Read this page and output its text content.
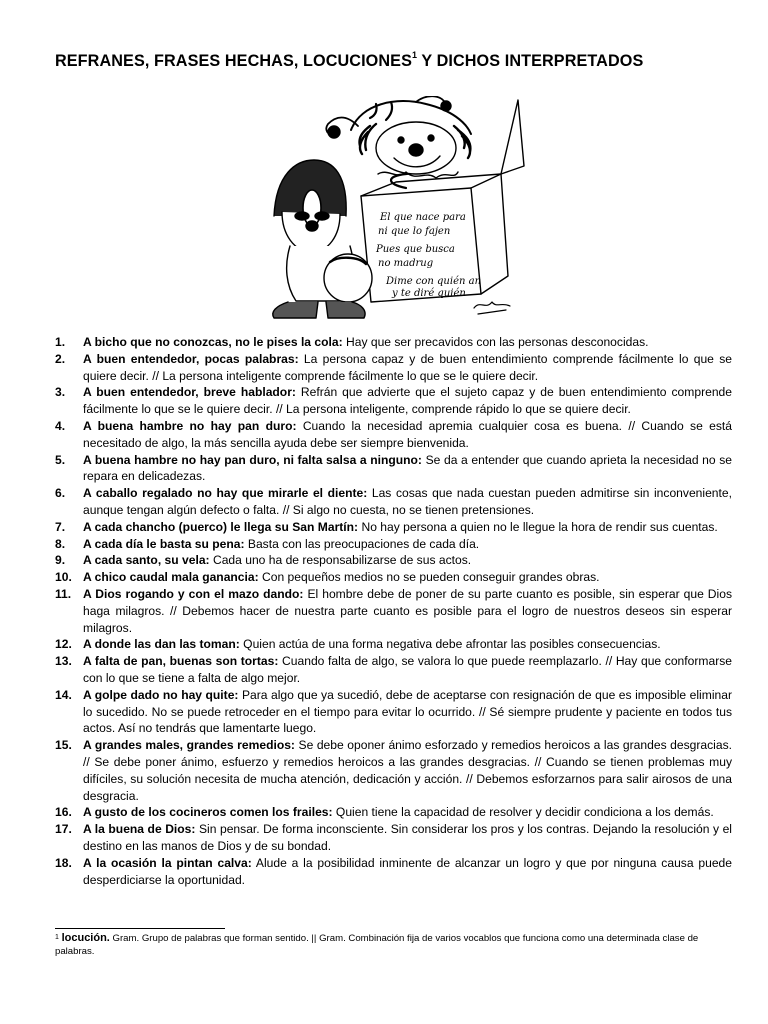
REFRANES, FRASES HECHAS, LOCUCIONES$^1$ Y DICHOS INTERPRETADOS
El que nace para
ni que lo fajen
Pues que busca
no madrug
Dime con quién an
y te diré quién
1. A bicho que no conozcas, no le pises la cola: Hay que ser precavidos con las personas desconocidas.
2. A buen entendedor, pocas palabras: La persona capaz y de buen entendimiento comprende fácilmente lo que se quiere decir. // La persona inteligente comprende fácilmente lo que se le quiere decir.
3. A buen entendedor, breve hablador: Refrán que advierte que el sujeto capaz y de buen entendimiento comprende fácilmente lo que se le quiere decir. // La persona inteligente, comprende rápido lo que se quiere decir.
4. A buena hambre no hay pan duro: Cuando la necesidad apremia cualquier cosa es buena. // Cuando se está necesitado de algo, la más sencilla ayuda debe ser siempre bienvenida.
5. A buena hambre no hay pan duro, ni falta salsa a ninguno: Se da a entender que cuando aprieta la necesidad no se repara en delicadezas.
6. A caballo regalado no hay que mirarle el diente: Las cosas que nada cuestan pueden admitirse sin inconveniente, aunque tengan algún defecto o falta. // Si algo no cuesta, no se tienen pretensiones.
7. A cada chancho (puerco) le llega su San Martín: No hay persona a quien no le llegue la hora de rendir sus cuentas.
8. A cada día le basta su pena: Basta con las preocupaciones de cada día.
9. A cada santo, su vela: Cada uno ha de responsabilizarse de sus actos.
10. A chico caudal mala ganancia: Con pequeños medios no se pueden conseguir grandes obras.
11. A Dios rogando y con el mazo dando: El hombre debe de poner de su parte cuanto es posible, sin esperar que Dios haga milagros. // Debemos hacer de nuestra parte cuanto es posible para el logro de nuestros deseos sin esperar milagros.
12. A donde las dan las toman: Quien actúa de una forma negativa debe afrontar las posibles consecuencias.
13. A falta de pan, buenas son tortas: Cuando falta de algo, se valora lo que puede reemplazarlo. // Hay que conformarse con lo que se tiene a falta de algo mejor.
14. A golpe dado no hay quite: Para algo que ya sucedió, debe de aceptarse con resignación de que es imposible eliminar lo sucedido. No se puede retroceder en el tiempo para evitar lo ocurrido. // Sé siempre prudente y paciente en todos tus actos. Así no tendrás que lamentarte luego.
15. A grandes males, grandes remedios: Se debe oponer ánimo esforzado y remedios heroicos a las grandes desgracias. // Se debe poner ánimo, esfuerzo y remedios heroicos a las grandes desgracias. // Cuando se tienen problemas muy difíciles, su solución necesita de mucha atención, dedicación y acción. // Debemos esforzarnos para salir airosos de una desgracia.
16. A gusto de los cocineros comen los frailes: Quien tiene la capacidad de resolver y decidir condiciona a los demás.
17. A la buena de Dios: Sin pensar. De forma inconsciente. Sin considerar los pros y los contras. Dejando la resolución y el destino en las manos de Dios y de su bondad.
18. A la ocasión la pintan calva: Alude a la posibilidad inminente de alcanzar un logro y que por ninguna causa puede desperdiciarse la oportunidad.

$^1$ locución. Gram. Grupo de palabras que forman sentido. || Gram. Combinación fija de varios vocablos que funciona como una determinada clase de palabras.
